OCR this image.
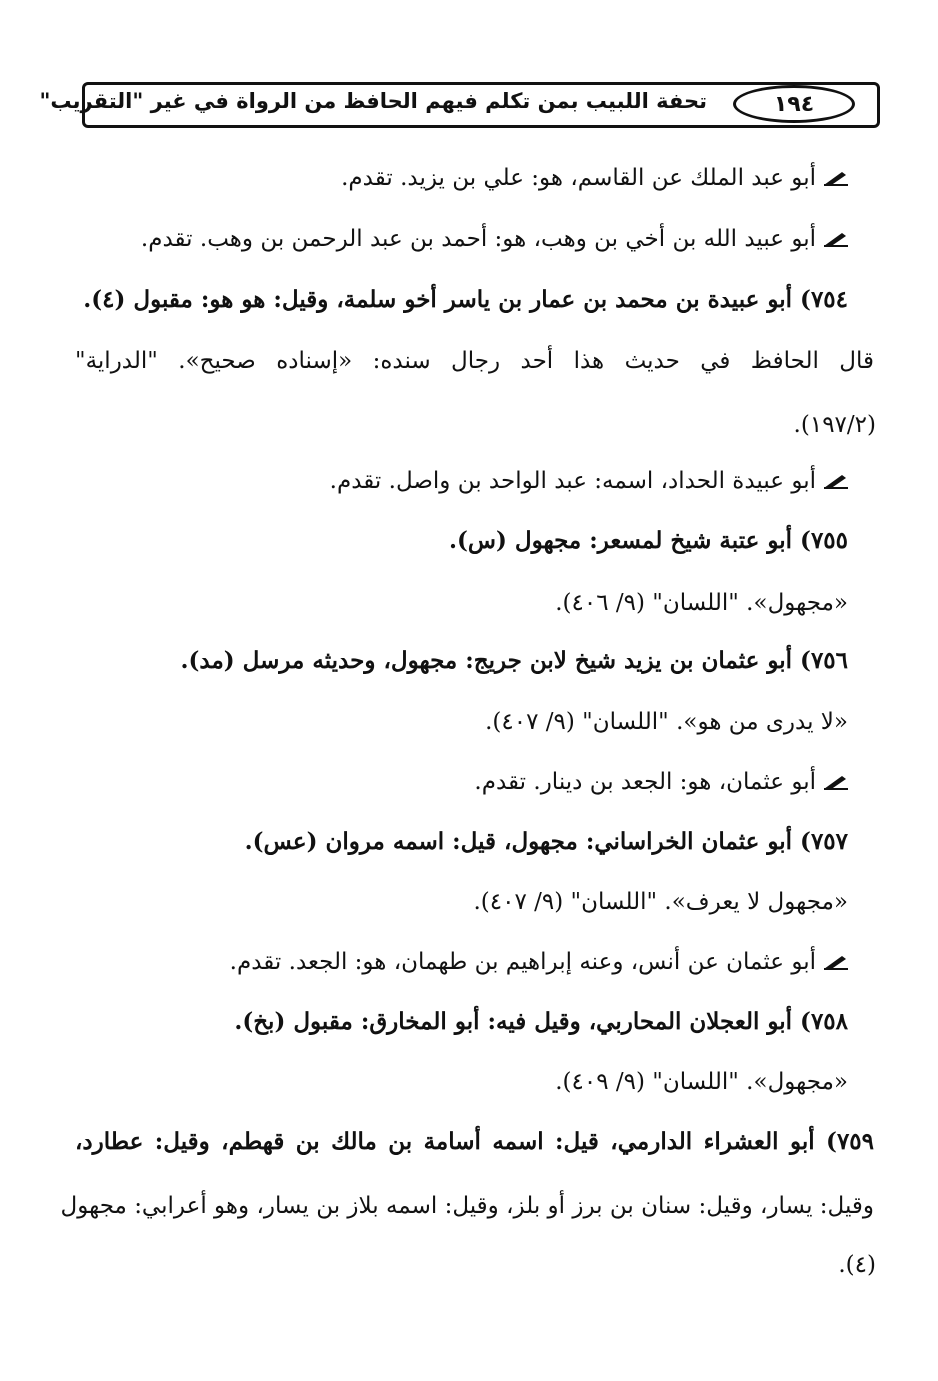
تحفة اللبيب بمن تكلم فيهم الحافظ من الرواة في غير "التقريب"	١٩٤
أبو عبد الملك عن القاسم، هو: علي بن يزيد. تقدم.
أبو عبيد الله بن أخي بن وهب، هو: أحمد بن عبد الرحمن بن وهب. تقدم.
٧٥٤) أبو عبيدة بن محمد بن عمار بن ياسر أخو سلمة، وقيل: هو هو: مقبول (٤).
قال الحافظ في حديث هذا أحد رجال سنده: «إسناده صحيح». "الدراية"
(١٩٧/٢).
أبو عبيدة الحداد، اسمه: عبد الواحد بن واصل. تقدم.
٧٥٥) أبو عتبة شيخ لمسعر: مجهول (س).
«مجهول». "اللسان" (٩/ ٤٠٦).
٧٥٦) أبو عثمان بن يزيد شيخ لابن جريج: مجهول، وحديثه مرسل (مد).
«لا يدرى من هو». "اللسان" (٩/ ٤٠٧).
أبو عثمان، هو: الجعد بن دينار. تقدم.
٧٥٧) أبو عثمان الخراساني: مجهول، قيل: اسمه مروان (عس).
«مجهول لا يعرف». "اللسان" (٩/ ٤٠٧).
أبو عثمان عن أنس، وعنه إبراهيم بن طهمان، هو: الجعد. تقدم.
٧٥٨) أبو العجلان المحاربي، وقيل فيه: أبو المخارق: مقبول (بخ).
«مجهول». "اللسان" (٩/ ٤٠٩).
٧٥٩) أبو العشراء الدارمي، قيل: اسمه أسامة بن مالك بن قهطم، وقيل: عطارد،
وقيل: يسار، وقيل: سنان بن برز أو بلز، وقيل: اسمه بلاز بن يسار، وهو أعرابي: مجهول
(٤).
